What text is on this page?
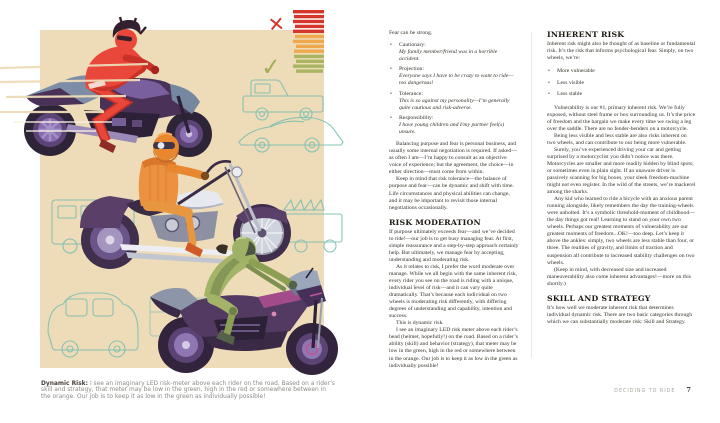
✕
✓

Dynamic Risk: I see an imaginary LED risk-meter above each rider on the road. Based on a rider’s skill and strategy, that meter may be low in the green, high in the red or somewhere between in the orange. Our job is to keep it as low in the green as individually possible!

Fear can be strong.

• Cautionary:
My family member/friend was in a horrible accident.
• Projection:
Everyone says I have to be crazy to want to ride—too dangerous!
• Tolerance:
This is so against my personality—I’m generally quite cautious and risk-adverse.
• Responsibility:
I have young children and I/my partner feel(s) unsure.

Balancing purpose and fear is personal business, and usually some internal negotiation is required. If asked—as often I am—I’m happy to consult as an objective voice of experience; but the agreement, the choice—in either direction—must come from within.

Keep in mind that risk tolerance—the balance of purpose and fear—can be dynamic and shift with time. Life circumstances and physical abilities can change, and it may be important to revisit those internal negotiations occasionally.

RISK MODERATION

If purpose ultimately exceeds fear—and we’ve decided to ride!—our job is to get busy managing fear. At first, simple reassurance and a step-by-step approach certainly help. But ultimately, we manage fear by accepting, understanding and moderating risk.

As it relates to risk, I prefer the word moderate over manage. While we all begin with the same inherent risk, every rider you see on the road is riding with a unique, individual level of risk—and it can vary quite dramatically. That’s because each individual on two wheels is moderating risk differently, with differing degrees of understanding and capability, intention and success.

This is dynamic risk.

I see an imaginary LED risk meter above each rider’s head (helmet, hopefully!) on the road. Based on a rider’s ability (skill) and behavior (strategy), that meter may be low in the green, high in the red or somewhere between in the orange. Our job is to keep it as low in the green as individually possible!

INHERENT RISK

Inherent risk might also be thought of as baseline or fundamental risk. It’s the risk that informs psychological fear. Simply, on two wheels, we’re:

• More vulnerable
• Less visible
• Less stable

Vulnerability is our #1, primary inherent risk. We’re fully exposed, without steel frame or box surrounding us. It’s the price of freedom and the bargain we make every time we swing a leg over the saddle. There are no fender-benders on a motorcycle.

Being less visible and less stable are also risks inherent on two wheels, and can contribute to our being more vulnerable.

Surely, you’ve experienced driving your car and getting surprised by a motorcyclist you didn’t notice was there. Motorcycles are smaller and more readily hidden by blind spots; or sometimes even in plain sight. If an unaware driver is passively scanning for big boxes, your sleek freedom-machine might not even register. In the wild of the streets, we’re mackerel among the sharks.

Any kid who learned to ride a bicycle with an anxious parent running alongside, likely remembers the day the training-wheels were unbolted. It’s a symbolic threshold-moment of childhood—the day things got real! Learning to stand on your own two wheels. Perhaps our greatest moments of vulnerability are our greatest moments of freedom...OK!—too deep. Let’s keep it above the ankles: simply, two wheels are less stable than four, or three. The realities of gravity, and limits of traction and suspension all contribute to increased stability challenges on two wheels.

(Keep in mind, with decreased size and increased maneuverability also come inherent advantages!—more on this shortly.)

SKILL AND STRATEGY

It’s how well we moderate inherent risk that determines individual dynamic risk. There are two basic categories through which we can substantially moderate risk: Skill and Strategy.

DECIDING TO RIDE 7
